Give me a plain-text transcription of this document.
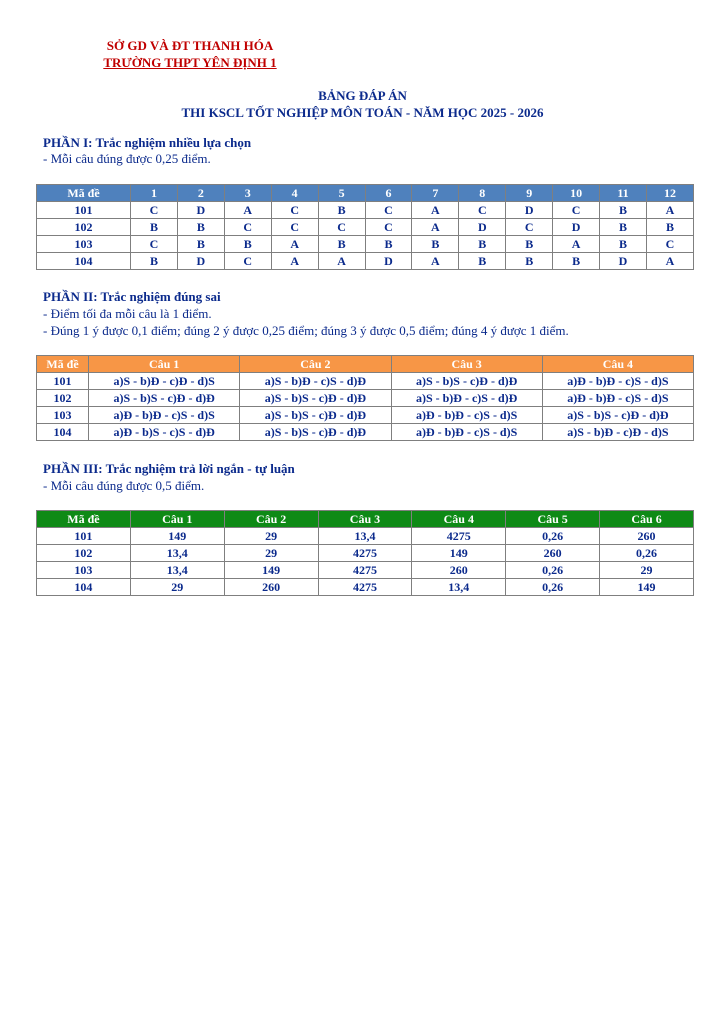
SỞ GD VÀ ĐT THANH HÓA
TRƯỜNG THPT YÊN ĐỊNH 1
BẢNG ĐÁP ÁN
THI KSCL TỐT NGHIỆP MÔN TOÁN - NĂM HỌC 2025 - 2026
PHẦN I: Trắc nghiệm nhiều lựa chọn
- Mỗi câu đúng được 0,25 điểm.
Mã đề	1	2	3	4	5	6	7	8	9	10	11	12
101	C	D	A	C	B	C	A	C	D	C	B	A
102	B	B	C	C	C	C	A	D	C	D	B	B
103	C	B	B	A	B	B	B	B	B	A	B	C
104	B	D	C	A	A	D	A	B	B	B	D	A
PHẦN II: Trắc nghiệm đúng sai
- Điểm tối đa mỗi câu là 1 điểm.
- Đúng 1 ý được 0,1 điểm; đúng 2 ý được 0,25 điểm; đúng 3 ý được 0,5 điểm; đúng 4 ý được 1 điểm.
Mã đề	Câu 1	Câu 2	Câu 3	Câu 4
101	a)S - b)Đ - c)Đ - d)S	a)S - b)Đ - c)S - d)Đ	a)S - b)S - c)Đ - d)Đ	a)Đ - b)Đ - c)S - d)S
102	a)S - b)S - c)Đ - d)Đ	a)S - b)S - c)Đ - d)Đ	a)S - b)Đ - c)S - d)Đ	a)Đ - b)Đ - c)S - d)S
103	a)Đ - b)Đ - c)S - d)S	a)S - b)S - c)Đ - d)Đ	a)Đ - b)Đ - c)S - d)S	a)S - b)S - c)Đ - d)Đ
104	a)Đ - b)S - c)S - d)Đ	a)S - b)S - c)Đ - d)Đ	a)Đ - b)Đ - c)S - d)S	a)S - b)Đ - c)Đ - d)S
PHẦN III: Trắc nghiệm trả lời ngắn - tự luận
- Mỗi câu đúng được 0,5 điểm.
Mã đề	Câu 1	Câu 2	Câu 3	Câu 4	Câu 5	Câu 6
101	149	29	13,4	4275	0,26	260
102	13,4	29	4275	149	260	0,26
103	13,4	149	4275	260	0,26	29
104	29	260	4275	13,4	0,26	149
